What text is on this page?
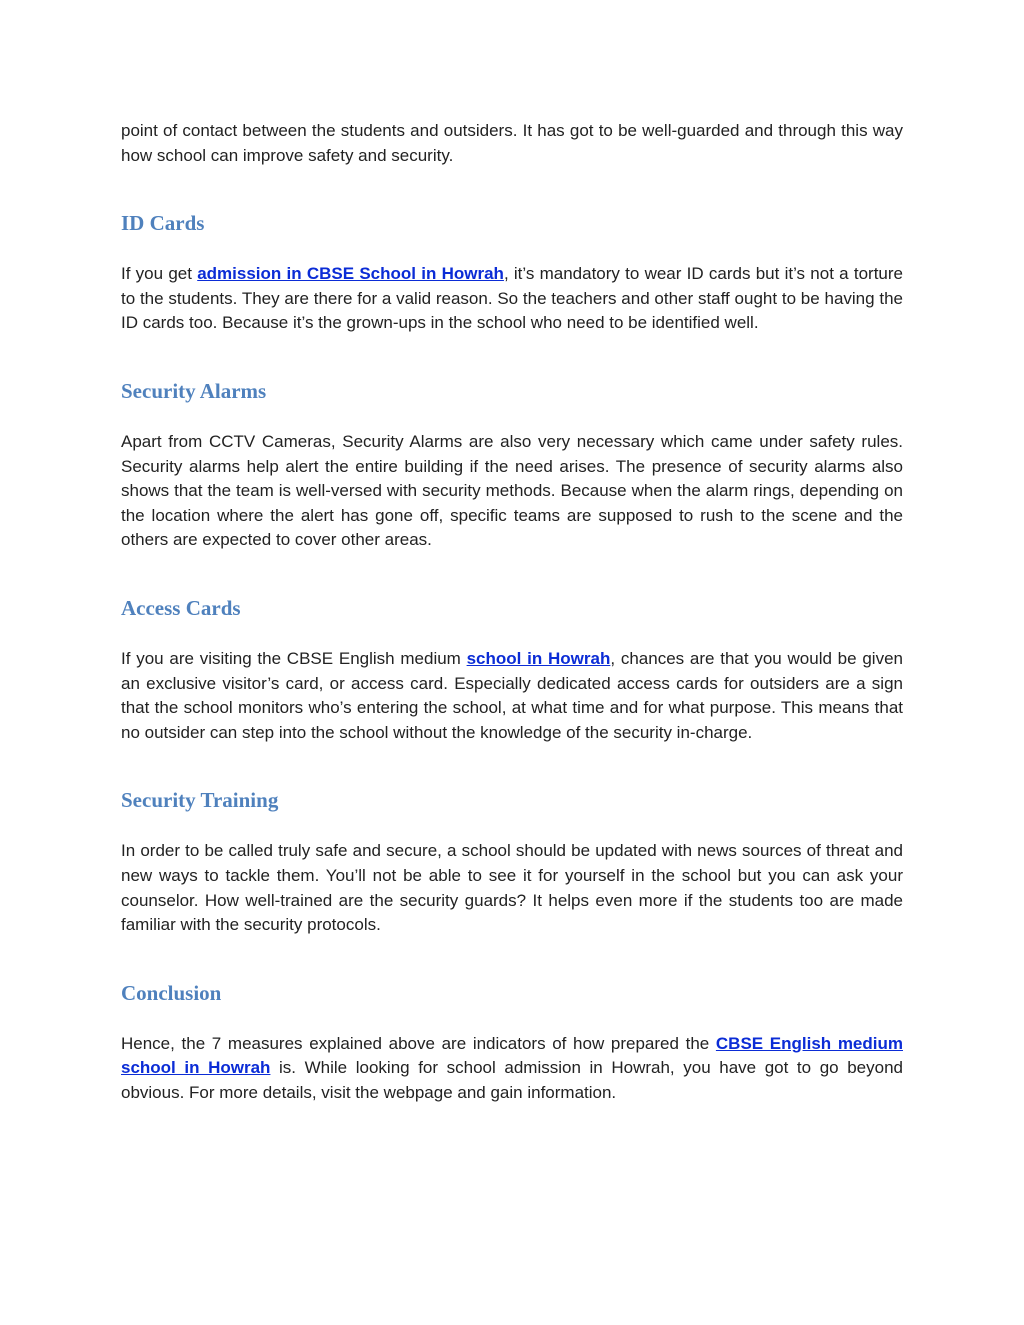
point of contact between the students and outsiders. It has got to be well-guarded and through this way how school can improve safety and security.

ID Cards

If you get admission in CBSE School in Howrah, it’s mandatory to wear ID cards but it’s not a torture to the students. They are there for a valid reason. So the teachers and other staff ought to be having the ID cards too. Because it’s the grown-ups in the school who need to be identified well.

Security Alarms

Apart from CCTV Cameras, Security Alarms are also very necessary which came under safety rules. Security alarms help alert the entire building if the need arises. The presence of security alarms also shows that the team is well-versed with security methods. Because when the alarm rings, depending on the location where the alert has gone off, specific teams are supposed to rush to the scene and the others are expected to cover other areas.

Access Cards

If you are visiting the CBSE English medium school in Howrah, chances are that you would be given an exclusive visitor’s card, or access card. Especially dedicated access cards for outsiders are a sign that the school monitors who’s entering the school, at what time and for what purpose. This means that no outsider can step into the school without the knowledge of the security in-charge.

Security Training

In order to be called truly safe and secure, a school should be updated with news sources of threat and new ways to tackle them. You’ll not be able to see it for yourself in the school but you can ask your counselor. How well-trained are the security guards? It helps even more if the students too are made familiar with the security protocols.

Conclusion

Hence, the 7 measures explained above are indicators of how prepared the CBSE English medium school in Howrah is. While looking for school admission in Howrah, you have got to go beyond obvious. For more details, visit the webpage and gain information.
